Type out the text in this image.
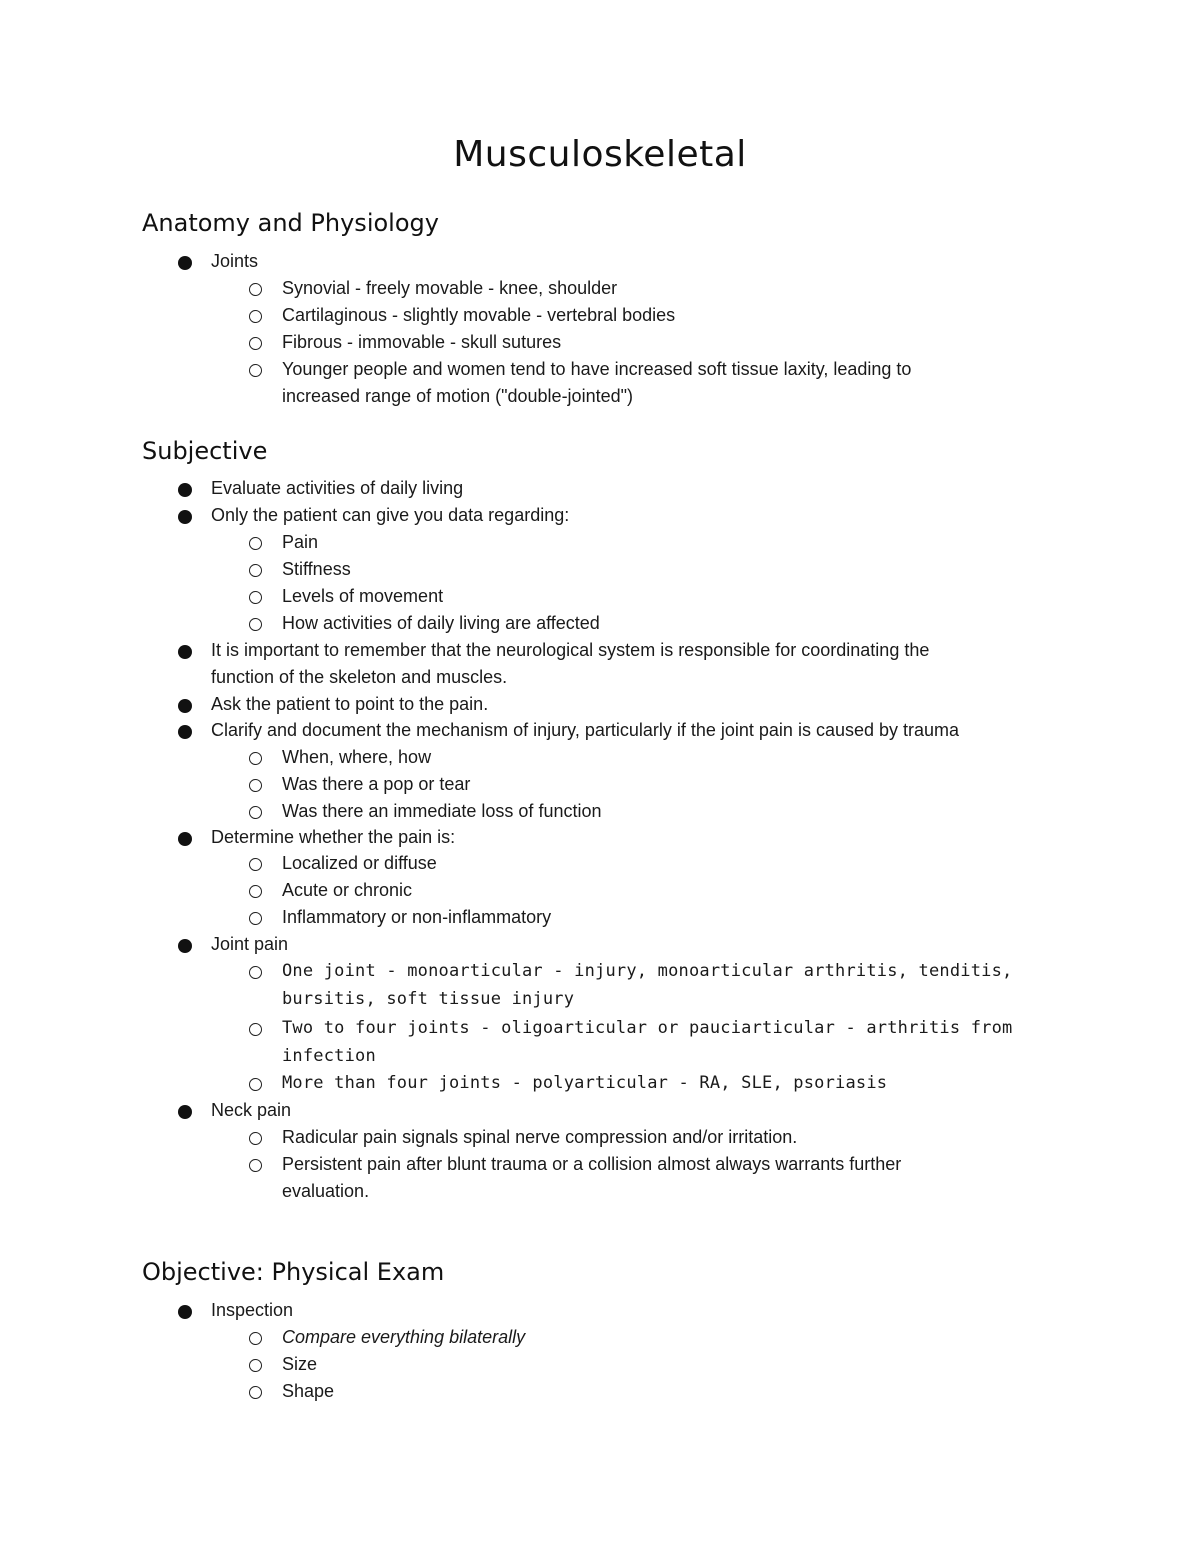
Musculoskeletal
Anatomy and Physiology
Joints
Synovial - freely movable - knee, shoulder
Cartilaginous - slightly movable - vertebral bodies
Fibrous - immovable - skull sutures
Younger people and women tend to have increased soft tissue laxity, leading to
increased range of motion ("double-jointed")
Subjective
Evaluate activities of daily living
Only the patient can give you data regarding:
Pain
Stiffness
Levels of movement
How activities of daily living are affected
It is important to remember that the neurological system is responsible for coordinating the
function of the skeleton and muscles.
Ask the patient to point to the pain.
Clarify and document the mechanism of injury, particularly if the joint pain is caused by trauma
When, where, how
Was there a pop or tear
Was there an immediate loss of function
Determine whether the pain is:
Localized or diffuse
Acute or chronic
Inflammatory or non-inflammatory
Joint pain
One joint - monoarticular - injury, monoarticular arthritis, tenditis,
bursitis, soft tissue injury
Two to four joints - oligoarticular or pauciarticular - arthritis from
infection
More than four joints - polyarticular - RA, SLE, psoriasis
Neck pain
Radicular pain signals spinal nerve compression and/or irritation.
Persistent pain after blunt trauma or a collision almost always warrants further
evaluation.
Objective: Physical Exam
Inspection
Compare everything bilaterally
Size
Shape
